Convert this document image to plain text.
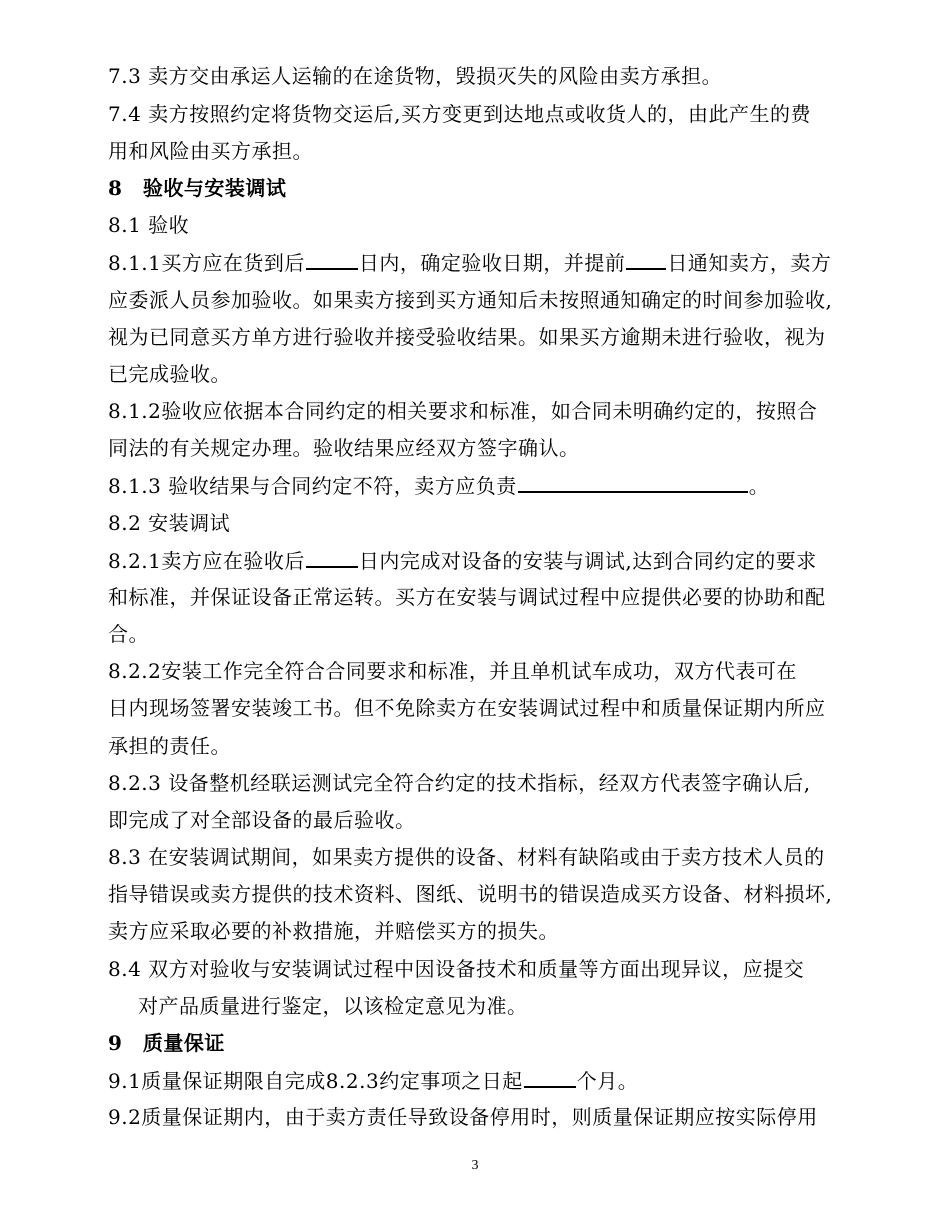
7.3 卖方交由承运人运输的在途货物，毁损灭失的风险由卖方承担。
7.4 卖方按照约定将货物交运后,买方变更到达地点或收货人的，由此产生的费
用和风险由买方承担。
8　验收与安装调试
8.1 验收
8.1.1买方应在货到后	日内，确定验收日期，并提前 日通知卖方，卖方
应委派人员参加验收。如果卖方接到买方通知后未按照通知确定的时间参加验收,
视为已同意买方单方进行验收并接受验收结果。如果买方逾期未进行验收，视为
已完成验收。
8.1.2验收应依据本合同约定的相关要求和标准，如合同未明确约定的，按照合
同法的有关规定办理。验收结果应经双方签字确认。
8.1.3 验收结果与合同约定不符，卖方应负责	。
8.2 安装调试
8.2.1卖方应在验收后	日内完成对设备的安装与调试,达到合同约定的要求
和标准，并保证设备正常运转。买方在安装与调试过程中应提供必要的协助和配
合。
8.2.2安装工作完全符合合同要求和标准，并且单机试车成功，双方代表可在
日内现场签署安装竣工书。但不免除卖方在安装调试过程中和质量保证期内所应
承担的责任。
8.2.3 设备整机经联运测试完全符合约定的技术指标，经双方代表签字确认后,
即完成了对全部设备的最后验收。
8.3 在安装调试期间，如果卖方提供的设备、材料有缺陷或由于卖方技术人员的
指导错误或卖方提供的技术资料、图纸、说明书的错误造成买方设备、材料损坏,
卖方应采取必要的补救措施，并赔偿买方的损失。
8.4 双方对验收与安装调试过程中因设备技术和质量等方面出现异议，应提交
对产品质量进行鉴定，以该检定意见为准。
9　质量保证
9.1质量保证期限自完成8.2.3约定事项之日起	个月。
9.2质量保证期内，由于卖方责任导致设备停用时，则质量保证期应按实际停用
3
